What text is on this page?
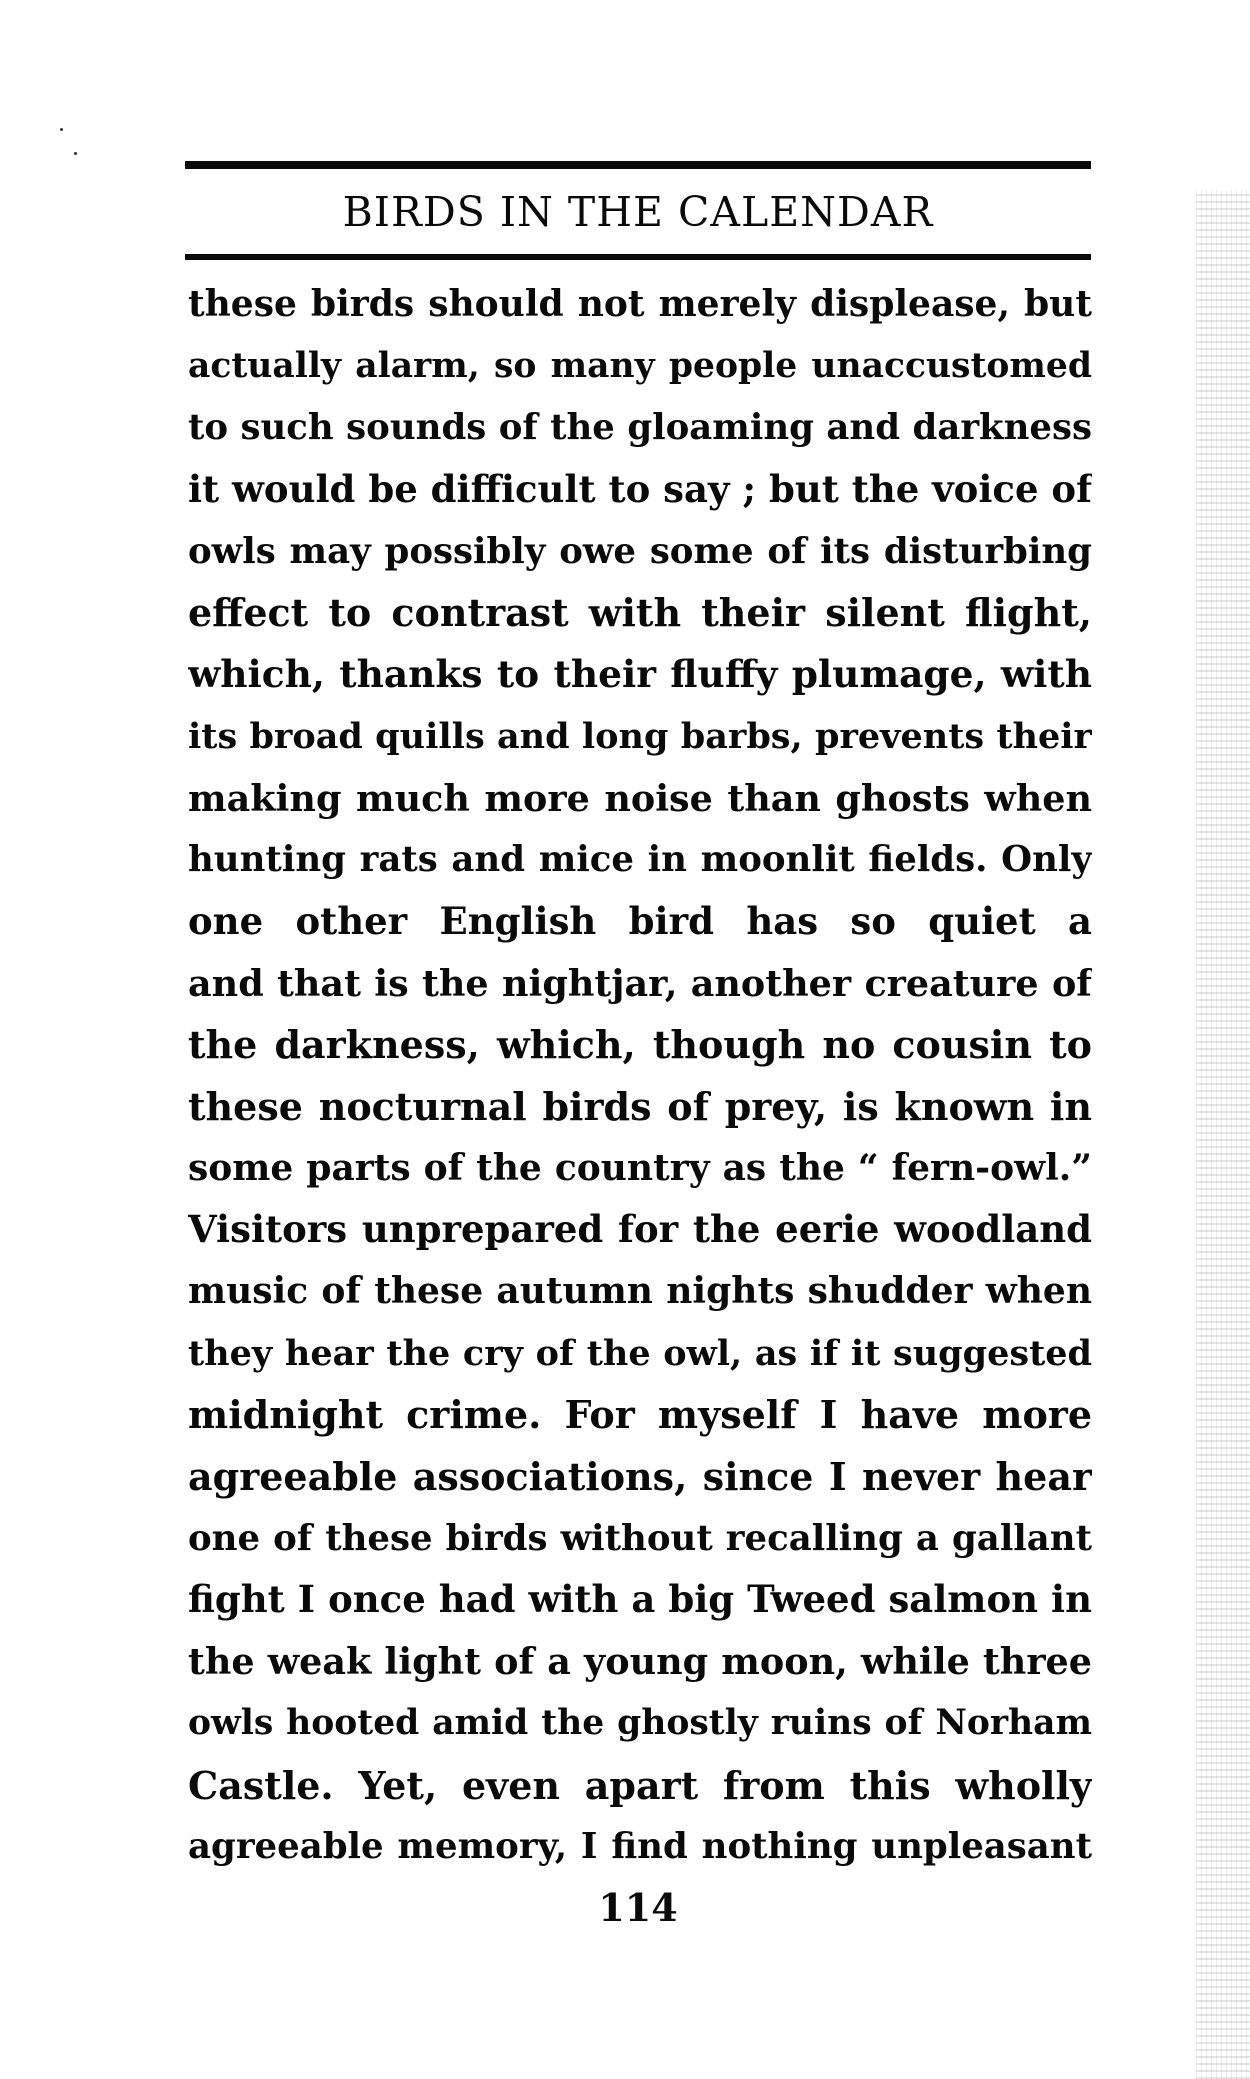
BIRDS IN THE CALENDAR
these birds should not merely displease, but
actually alarm, so many people unaccustomed
to such sounds of the gloaming and darkness
it would be difficult to say ; but the voice of
owls may possibly owe some of its disturbing
effect to contrast with their silent flight,
which, thanks to their fluffy plumage, with
its broad quills and long barbs, prevents their
making much more noise than ghosts when
hunting rats and mice in moonlit fields. Only
one other English bird has so quiet a
and that is the nightjar, another creature of
the darkness, which, though no cousin to
these nocturnal birds of prey, is known in
some parts of the country as the “ fern-owl.”
Visitors unprepared for the eerie woodland
music of these autumn nights shudder when
they hear the cry of the owl, as if it suggested
midnight crime. For myself I have more
agreeable associations, since I never hear
one of these birds without recalling a gallant
fight I once had with a big Tweed salmon in
the weak light of a young moon, while three
owls hooted amid the ghostly ruins of Norham
Castle. Yet, even apart from this wholly
agreeable memory, I find nothing unpleasant
114
